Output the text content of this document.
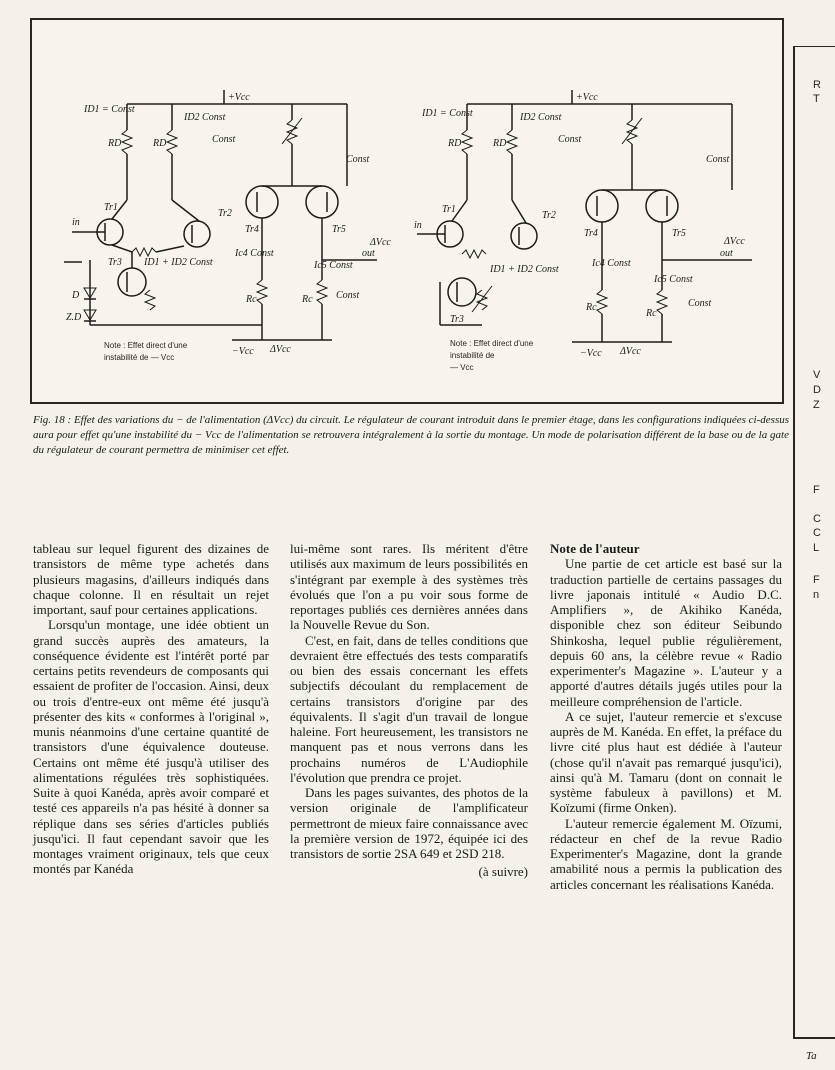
+Vcc
RD	RD
ID1 = Const
ID2 Const
Const
in
Tr1
Tr2
Tr3 ID1 + ID2 Const
D
Z.D
Tr4	Tr5
Ic4 Const
Ic5 Const
Const
Rc	Rc
−Vcc ΔVcc
out
ΔVcc
Const
Note : Effet direct d'une
instabilité de — Vcc
+Vcc
RD	RD
ID1 = Const	ID2 Const
Const
in
Tr1
Tr2
Tr3
ID1 + ID2 Const
Tr4	Tr5
Ic4 Const
Ic5 Const
Const
Rc
Rc
−Vcc ΔVcc
out
ΔVcc
Const
Note : Effet direct d'une
instabilité de
— Vcc
Fig. 18 : Effet des variations du − de l'alimentation (ΔVcc) du circuit. Le régulateur de courant introduit dans le premier étage, dans les configurations indiquées ci-dessus aura pour effet qu'une instabilité du − Vcc de l'alimentation se retrouvera intégralement à la sortie du montage. Un mode de polarisation différent de la base ou de la gate du régulateur de courant permettra de minimiser cet effet.

tableau sur lequel figurent des dizaines de transistors de même type achetés dans plusieurs magasins, d'ailleurs indiqués dans chaque colonne. Il en résultait un rejet important, sauf pour certaines applications.

Lorsqu'un montage, une idée obtient un grand succès auprès des amateurs, la conséquence évidente est l'intérêt porté par certains petits revendeurs de composants qui essaient de profiter de l'occasion. Ainsi, deux ou trois d'entre-eux ont même été jusqu'à présenter des kits « conformes à l'original », munis néanmoins d'une certaine quantité de transistors d'une équivalence douteuse. Certains ont même été jusqu'à utiliser des alimentations régulées très sophistiquées. Suite à quoi Kanéda, après avoir comparé et testé ces appareils n'a pas hésité à donner sa réplique dans ses séries d'articles publiés jusqu'ici. Il faut cependant savoir que les montages vraiment originaux, tels que ceux montés par Kanéda

lui-même sont rares. Ils méritent d'être utilisés aux maximum de leurs possibilités en s'intégrant par exemple à des systèmes très évolués que l'on a pu voir sous forme de reportages publiés ces dernières années dans la Nouvelle Revue du Son.

C'est, en fait, dans de telles conditions que devraient être effectués des tests comparatifs ou bien des essais concernant les effets subjectifs découlant du remplacement de certains transistors d'origine par des équivalents. Il s'agit d'un travail de longue haleine. Fort heureusement, les transistors ne manquent pas et nous verrons dans les prochains numéros de L'Audiophile l'évolution que prendra ce projet.

Dans les pages suivantes, des photos de la version originale de l'amplificateur permettront de mieux faire connaissance avec la première version de 1972, équipée ici des transistors de sortie 2SA 649 et 2SD 218.

(à suivre)

Note de l'auteur

Une partie de cet article est basé sur la traduction partielle de certains passages du livre japonais intitulé « Audio D.C. Amplifiers », de Akihiko Kanéda, disponible chez son éditeur Seibundo Shinkosha, lequel publie régulièrement, depuis 60 ans, la célèbre revue « Radio experimenter's Magazine ». L'auteur y a apporté d'autres détails jugés utiles pour la meilleure compréhension de l'article.

A ce sujet, l'auteur remercie et s'excuse auprès de M. Kanéda. En effet, la préface du livre cité plus haut est dédiée à l'auteur (chose qu'il n'avait pas remarqué jusqu'ici), ainsi qu'à M. Tamaru (dont on connait le système fabuleux à pavillons) et M. Koïzumi (firme Onken).

L'auteur remercie également M. Oïzumi, rédacteur en chef de la revue Radio Experimenter's Magazine, dont la grande amabilité nous a permis la publication des articles concernant les réalisations Kanéda.

R
T
V
D
Z
F
C
C
L
F
n
Ta
